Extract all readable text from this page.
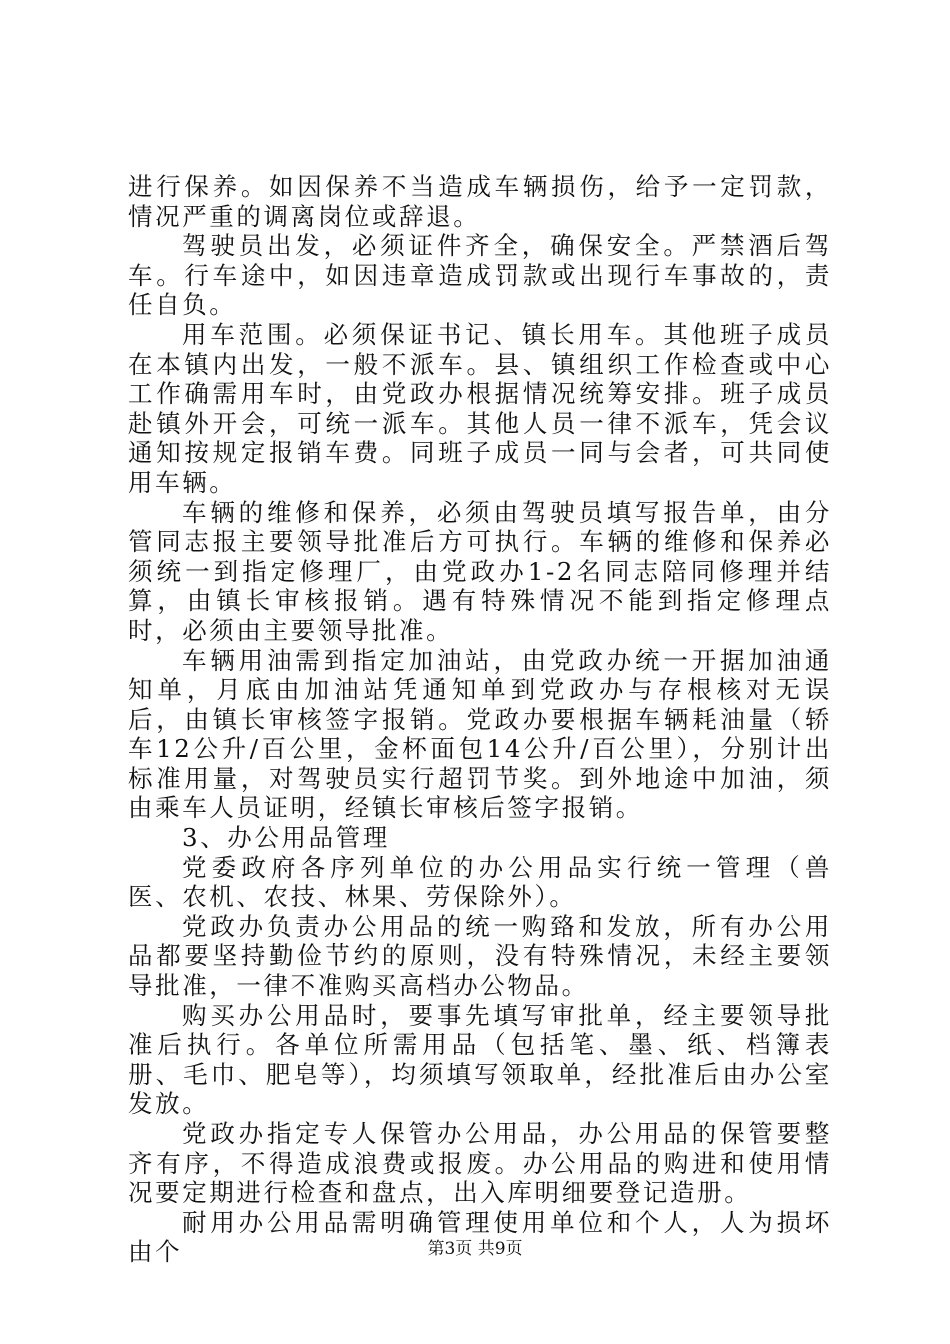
进行保养。如因保养不当造成车辆损伤，给予一定罚款，情况严重的调离岗位或辞退。

驾驶员出发，必须证件齐全，确保安全。严禁酒后驾车。行车途中，如因违章造成罚款或出现行车事故的，责任自负。

用车范围。必须保证书记、镇长用车。其他班子成员在本镇内出发，一般不派车。县、镇组织工作检查或中心工作确需用车时，由党政办根据情况统筹安排。班子成员赴镇外开会，可统一派车。其他人员一律不派车，凭会议通知按规定报销车费。同班子成员一同与会者，可共同使用车辆。

车辆的维修和保养，必须由驾驶员填写报告单，由分管同志报主要领导批准后方可执行。车辆的维修和保养必须统一到指定修理厂，由党政办1-2名同志陪同修理并结算，由镇长审核报销。遇有特殊情况不能到指定修理点时，必须由主要领导批准。

车辆用油需到指定加油站，由党政办统一开据加油通知单，月底由加油站凭通知单到党政办与存根核对无误后，由镇长审核签字报销。党政办要根据车辆耗油量（轿车12公升/百公里，金杯面包14公升/百公里），分别计出标准用量，对驾驶员实行超罚节奖。到外地途中加油，须由乘车人员证明，经镇长审核后签字报销。

3、办公用品管理

党委政府各序列单位的办公用品实行统一管理（兽医、农机、农技、林果、劳保除外）。

党政办负责办公用品的统一购臵和发放，所有办公用品都要坚持勤俭节约的原则，没有特殊情况，未经主要领导批准，一律不准购买高档办公物品。

购买办公用品时，要事先填写审批单，经主要领导批准后执行。各单位所需用品（包括笔、墨、纸、档簿表册、毛巾、肥皂等），均须填写领取单，经批准后由办公室发放。

党政办指定专人保管办公用品，办公用品的保管要整齐有序，不得造成浪费或报废。办公用品的购进和使用情况要定期进行检查和盘点，出入库明细要登记造册。

耐用办公用品需明确管理使用单位和个人，人为损坏由个	第3页 共9页
